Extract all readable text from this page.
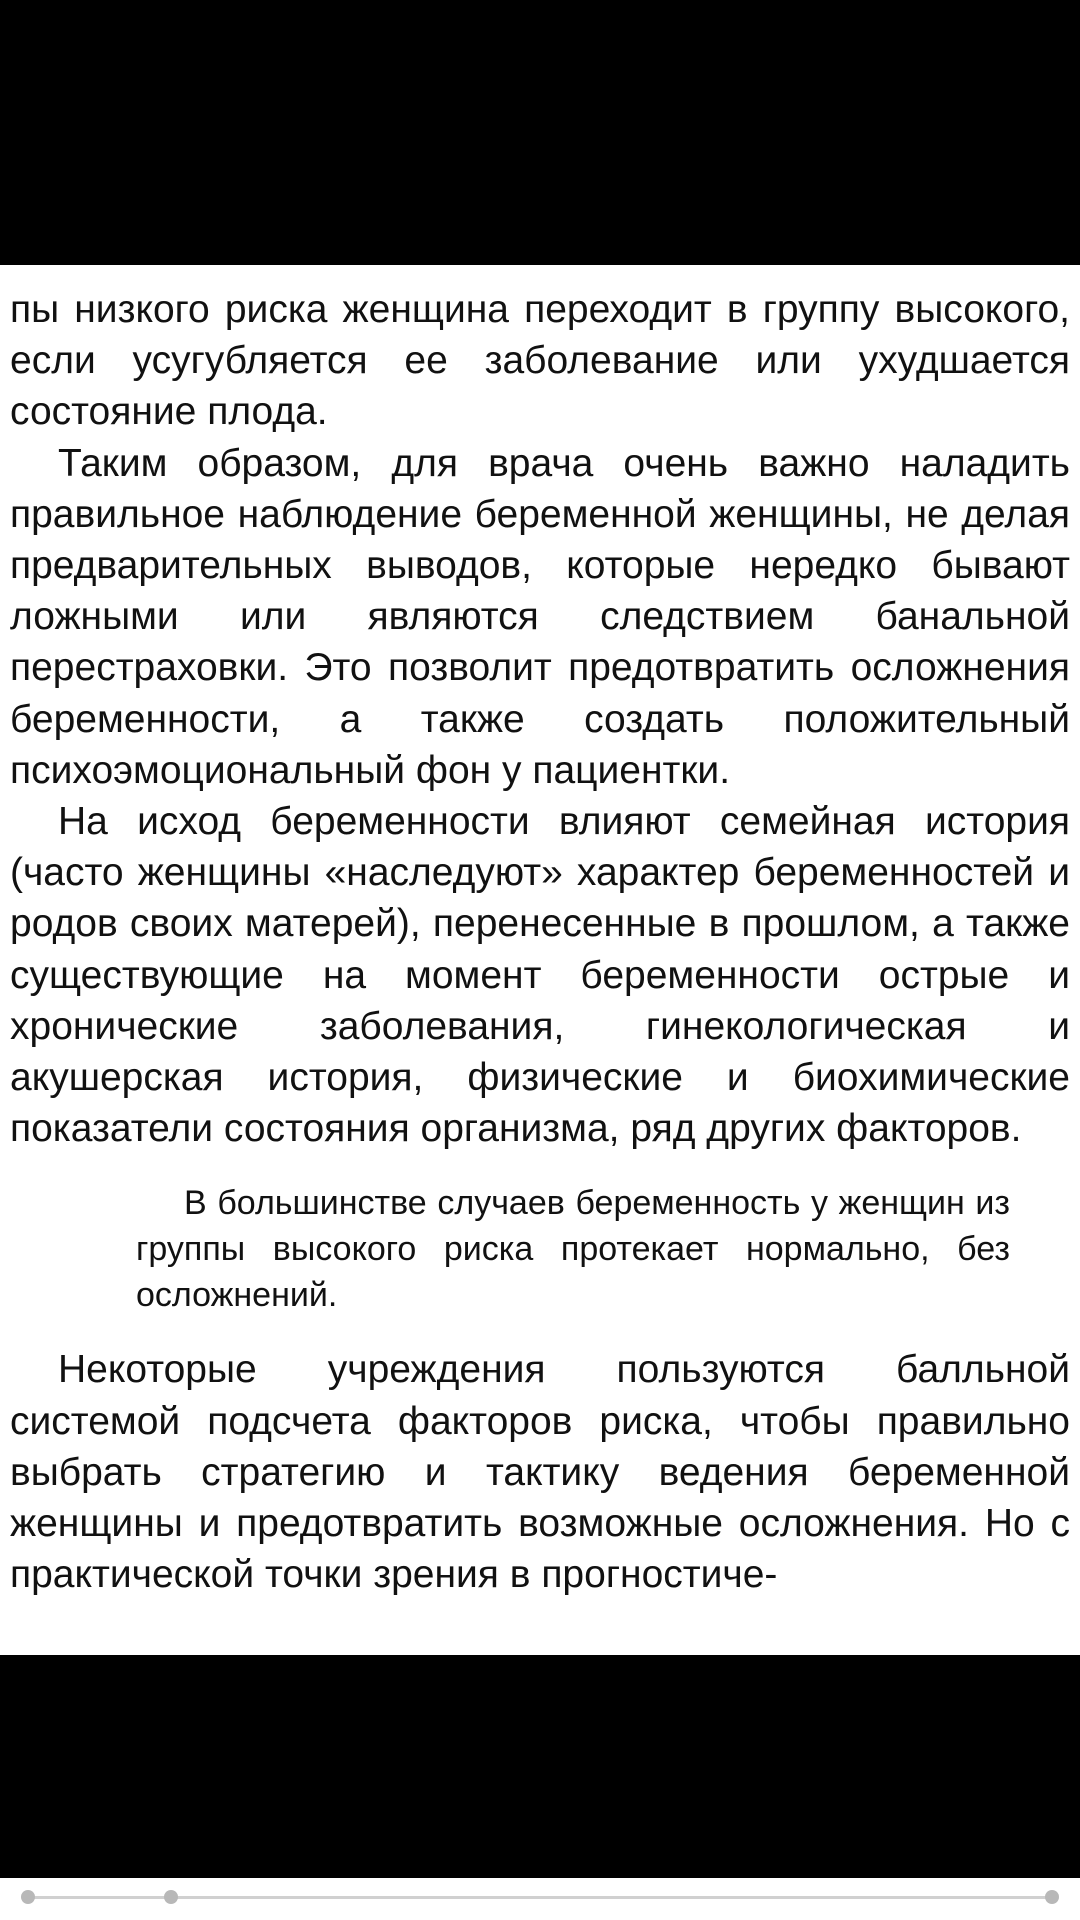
пы низкого риска женщина переходит в группу высокого, если усугубляется ее заболевание или ухудшается состояние плода.

Таким образом, для врача очень важно наладить правильное наблюдение беременной женщины, не делая предварительных выводов, которые нередко бывают ложными или являются следствием банальной перестраховки. Это позволит предотвратить осложнения беременности, а также создать положительный психоэмоциональный фон у пациентки.

На исход беременности влияют семейная история (часто женщины «наследуют» характер беременностей и родов своих матерей), перенесенные в прошлом, а также существующие на момент беременности острые и хронические заболевания, гинекологическая и акушерская история, физические и биохимические показатели состояния организма, ряд других факторов.

В большинстве случаев беременность у женщин из группы высокого риска протекает нормально, без осложнений.

Некоторые учреждения пользуются балльной системой подсчета факторов риска, чтобы правильно выбрать стратегию и тактику ведения беременной женщины и предотвратить возможные осложнения. Но с практической точки зрения в прогностиче-
